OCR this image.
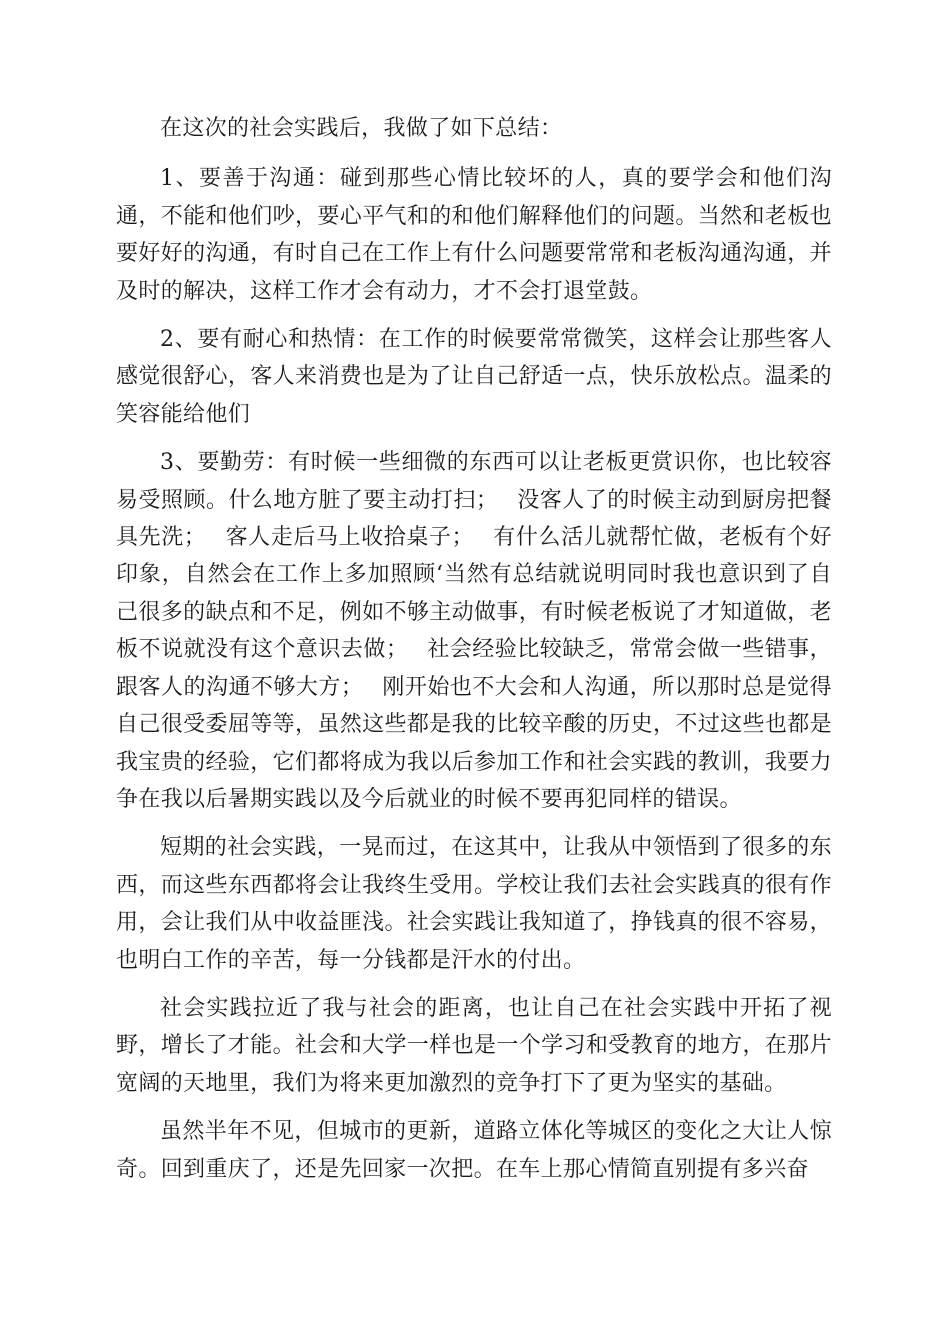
在这次的社会实践后，我做了如下总结：

1、要善于沟通：碰到那些心情比较坏的人，真的要学会和他们沟通，不能和他们吵，要心平气和的和他们解释他们的问题。当然和老板也要好好的沟通，有时自己在工作上有什么问题要常常和老板沟通沟通，并及时的解决，这样工作才会有动力，才不会打退堂鼓。

2、要有耐心和热情：在工作的时候要常常微笑，这样会让那些客人感觉很舒心，客人来消费也是为了让自己舒适一点，快乐放松点。温柔的笑容能给他们

3、要勤劳：有时候一些细微的东西可以让老板更赏识你，也比较容易受照顾。什么地方脏了要主动打扫；　 没客人了的时候主动到厨房把餐具先洗；　 客人走后马上收拾桌子；　 有什么活儿就帮忙做，老板有个好印象，自然会在工作上多加照顾‘当然有总结就说明同时我也意识到了自己很多的缺点和不足，例如不够主动做事，有时候老板说了才知道做，老板不说就没有这个意识去做；　 社会经验比较缺乏，常常会做一些错事，跟客人的沟通不够大方；　 刚开始也不大会和人沟通，所以那时总是觉得自己很受委屈等等，虽然这些都是我的比较辛酸的历史，不过这些也都是我宝贵的经验，它们都将成为我以后参加工作和社会实践的教训，我要力争在我以后暑期实践以及今后就业的时候不要再犯同样的错误。

短期的社会实践，一晃而过，在这其中，让我从中领悟到了很多的东西，而这些东西都将会让我终生受用。学校让我们去社会实践真的很有作用，会让我们从中收益匪浅。社会实践让我知道了，挣钱真的很不容易，也明白工作的辛苦，每一分钱都是汗水的付出。

社会实践拉近了我与社会的距离，也让自己在社会实践中开拓了视野，增长了才能。社会和大学一样也是一个学习和受教育的地方，在那片宽阔的天地里，我们为将来更加激烈的竞争打下了更为坚实的基础。

虽然半年不见，但城市的更新，道路立体化等城区的变化之大让人惊奇。回到重庆了，还是先回家一次把。在车上那心情简直别提有多兴奋
